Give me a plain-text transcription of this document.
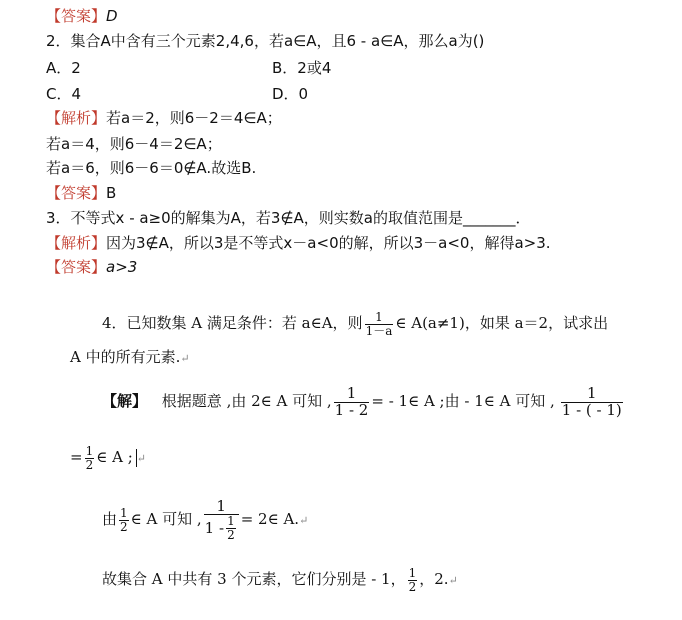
【答案】D
2．集合A中含有三个元素2,4,6，若a∈A，且6 - a∈A，那么a为()
A．2	B．2或4
C．4	D．0
【解析】若a＝2，则6－2＝4∈A；
若a＝4，则6－4＝2∈A；
若a＝6，则6－6＝0∉A.故选B.
【答案】B
3．不等式x - a≥0的解集为A，若3∉A，则实数a的取值范围是_______．
【解析】因为3∉A，所以3是不等式x－a<0的解，所以3－a<0，解得a>3.
【答案】a>3
4．已知数集 A 满足条件：若 a∈A，则 $\frac{1}{1-a}$ ∈ A(a≠1)，如果 a＝2，试求出
A 中的所有元素.↵
【解】 根据题意 ,由 2∈ A 可知 , $\frac{1}{1 - 2}$ = - 1∈ A ;由 - 1∈ A 可知 , $\frac{1}{1 - ( - 1)}$
= $\frac{1}{2}$ ∈ A ; ↵
由 $\frac{1}{2}$ ∈ A 可知 , $\frac{1}{1 - \frac{1}{2}}$ = 2∈ A.↵
故集合 A 中共有 3 个元素，它们分别是 - 1， $\frac{1}{2}$ ，2.↵
